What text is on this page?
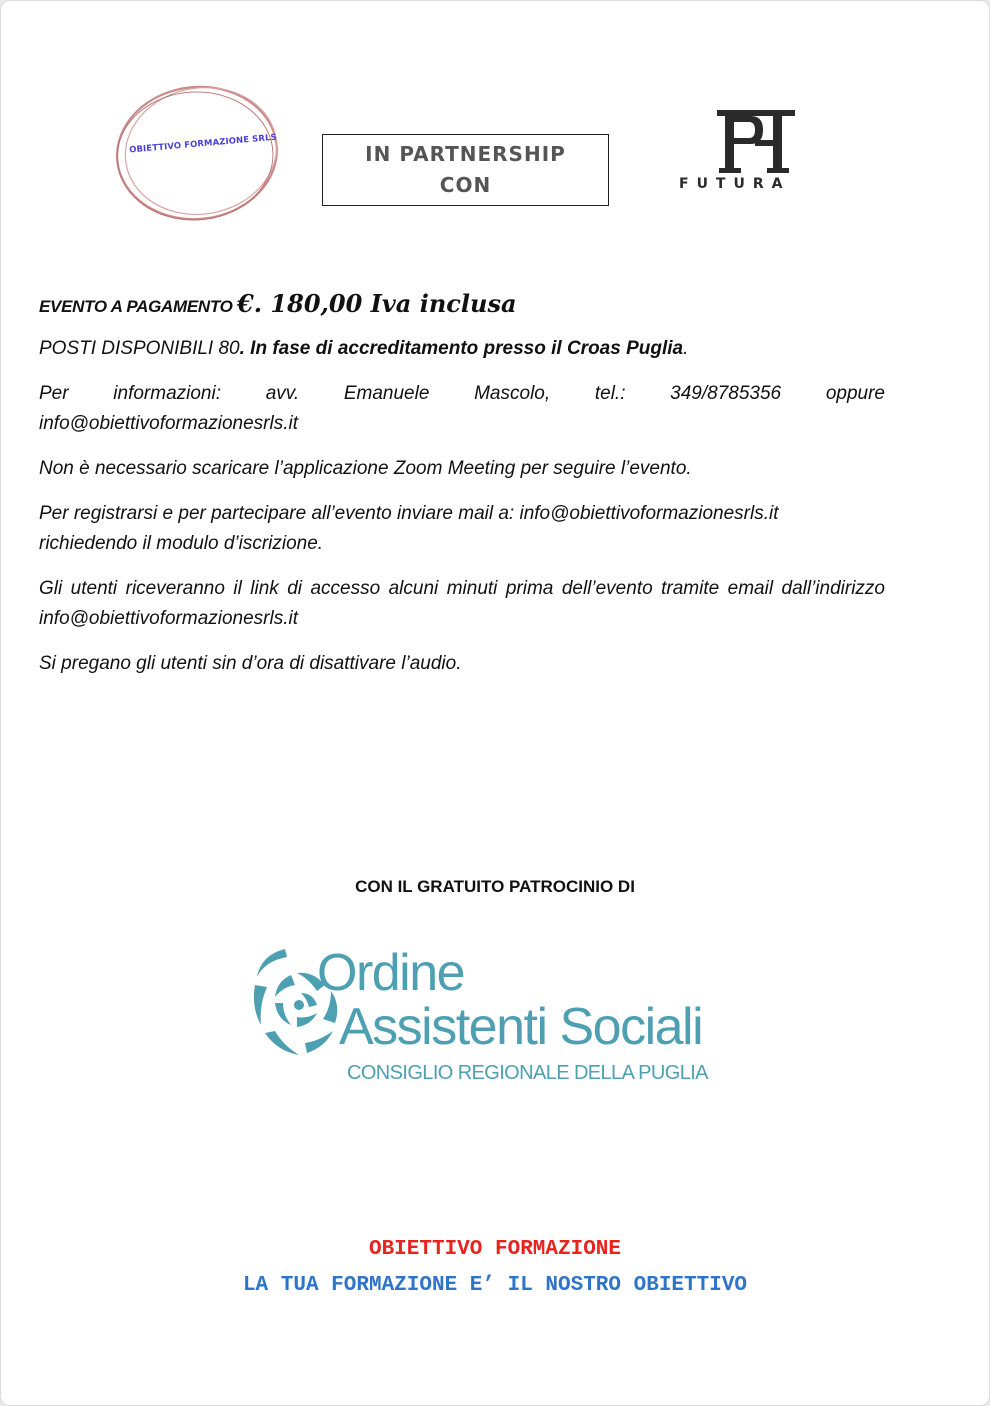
OBIETTIVO FORMAZIONE SRLS	IN PARTNERSHIP
CON	FUTURA

EVENTO A PAGAMENTO €. 180,00 Iva inclusa

POSTI DISPONIBILI 80. In fase di accreditamento presso il Croas Puglia.

Per informazioni: avv. Emanuele Mascolo, tel.: 349/8785356 oppure
info@obiettivoformazionesrls.it

Non è necessario scaricare l’applicazione Zoom Meeting per seguire l’evento.

Per registrarsi e per partecipare all’evento inviare mail a: info@obiettivoformazionesrls.it
richiedendo il modulo d’iscrizione.

Gli utenti riceveranno il link di accesso alcuni minuti prima dell’evento tramite email dall’indirizzo info@obiettivoformazionesrls.it

Si pregano gli utenti sin d’ora di disattivare l’audio.

CON IL GRATUITO PATROCINIO DI
Ordine
Assistenti Sociali
CONSIGLIO REGIONALE DELLA PUGLIA
OBIETTIVO FORMAZIONE
LA TUA FORMAZIONE E’ IL NOSTRO OBIETTIVO
